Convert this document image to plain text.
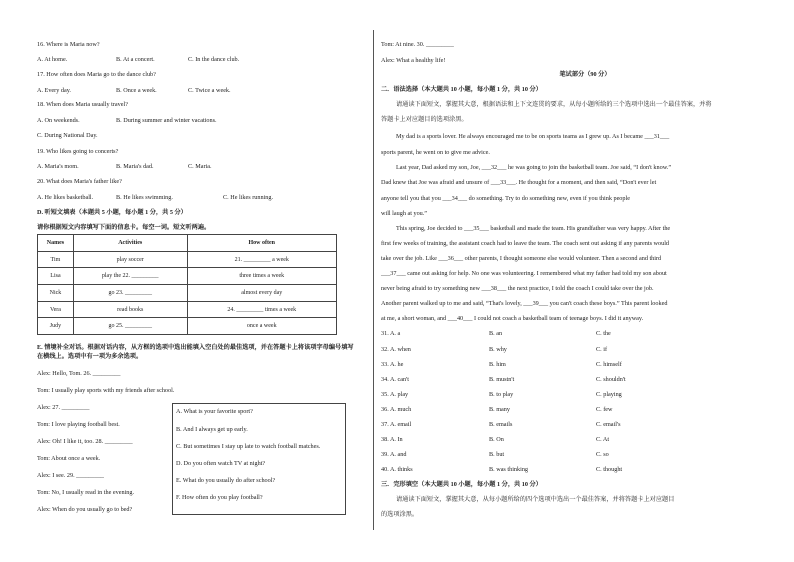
16. Where is Maria now?
A. At home.	B. At a concert.	C. In the dance club.
17. How often does Maria go to the dance club?
A. Every day.	B. Once a week.	C. Twice a week.
18. When does Maria usually travel?
A. On weekends.	B. During summer and winter vacations.
C. During National Day.
19. Who likes going to concerts?
A. Maria's mom.	B. Maria's dad.	C. Maria.
20. What does Maria's father like?
A. He likes basketball.	B. He likes swimming.	C. He likes running.
D. 听短文填表（本题共 5 小题，每小题 1 分，共 5 分）
请你根据短文内容填写下面的信息卡。每空一词。短文听两遍。
Names	Activities	How often
Tim	play soccer	21. _________ a week
Lisa	play the 22. _________	three times a week
Nick	go 23. _________	almost every day
Vera	read books	24. _________ times a week
Judy	go 25. _________	once a week
E. 情境补全对话。根据对话内容，从方框的选项中选出能填入空白处的最佳选项，并在答题卡上将该项字母编号填写
在横线上。选项中有一项为多余选项。
Alex: Hello, Tom. 26. _________
Tom: I usually play sports with my friends after school.
Alex: 27. _________
Tom: I love playing football best.
Alex: Oh! I like it, too. 28. _________
Tom: About once a week.
Alex: I see. 29. _________
Tom: No, I usually read in the evening.
Alex: When do you usually go to bed?
A. What is your favorite sport?
B. And I always get up early.
C. But sometimes I stay up late to watch football matches.
D. Do you often watch TV at night?
E. What do you usually do after school?
F. How often do you play football?
Tom: At nine. 30. _________
Alex: What a healthy life!
笔试部分（90 分）
二．语法选择（本大题共 10 小题，每小题 1 分，共 10 分）
请通读下面短文，掌握其大意，根据语法和上下文连贯的要求，从每小题所给的三个选项中选出一个最佳答案，并将
答题卡上对应题目的选项涂黑。
My dad is a sports lover. He always encouraged me to be on sports teams as I grew up. As I became ___31___
sports parent, he went on to give me advice.
Last year, Dad asked my son, Joe, ___32___ he was going to join the basketball team. Joe said, “I don't know.”
Dad knew that Joe was afraid and unsure of ___33___. He thought for a moment, and then said, “Don't ever let
anyone tell you that you ___34___ do something. Try to do something new, even if you think people
will laugh at you.”
This spring, Joe decided to ___35___ basketball and made the team. His grandfather was very happy. After the
first few weeks of training, the assistant coach had to leave the team. The coach sent out asking if any parents would
take over the job. Like ___36___ other parents, I thought someone else would volunteer. Then a second and third
___37___ came out asking for help. No one was volunteering. I remembered what my father had told my son about
never being afraid to try something new ___38___ the next practice, I told the coach I could take over the job.
Another parent walked up to me and said, “That's lovely, ___39___ you can't coach these boys.” This parent looked
at me, a short woman, and ___40___ I could not coach a basketball team of teenage boys. I did it anyway.
31. A. a	B. an	C. the
32. A. when	B. why	C. if
33. A. he	B. him	C. himself
34. A. can't	B. mustn't	C. shouldn't
35. A. play	B. to play	C. playing
36. A. much	B. many	C. few
37. A. email	B. emails	C. email's
38. A. In	B. On	C. At
39. A. and	B. but	C. so
40. A. thinks	B. was thinking	C. thought
三．完形填空（本大题共 10 小题，每小题 1 分，共 10 分）
请通读下面短文，掌握其大意，从每小题所给的四个选项中选出一个最佳答案，并将答题卡上对应题目
的选项涂黑。
